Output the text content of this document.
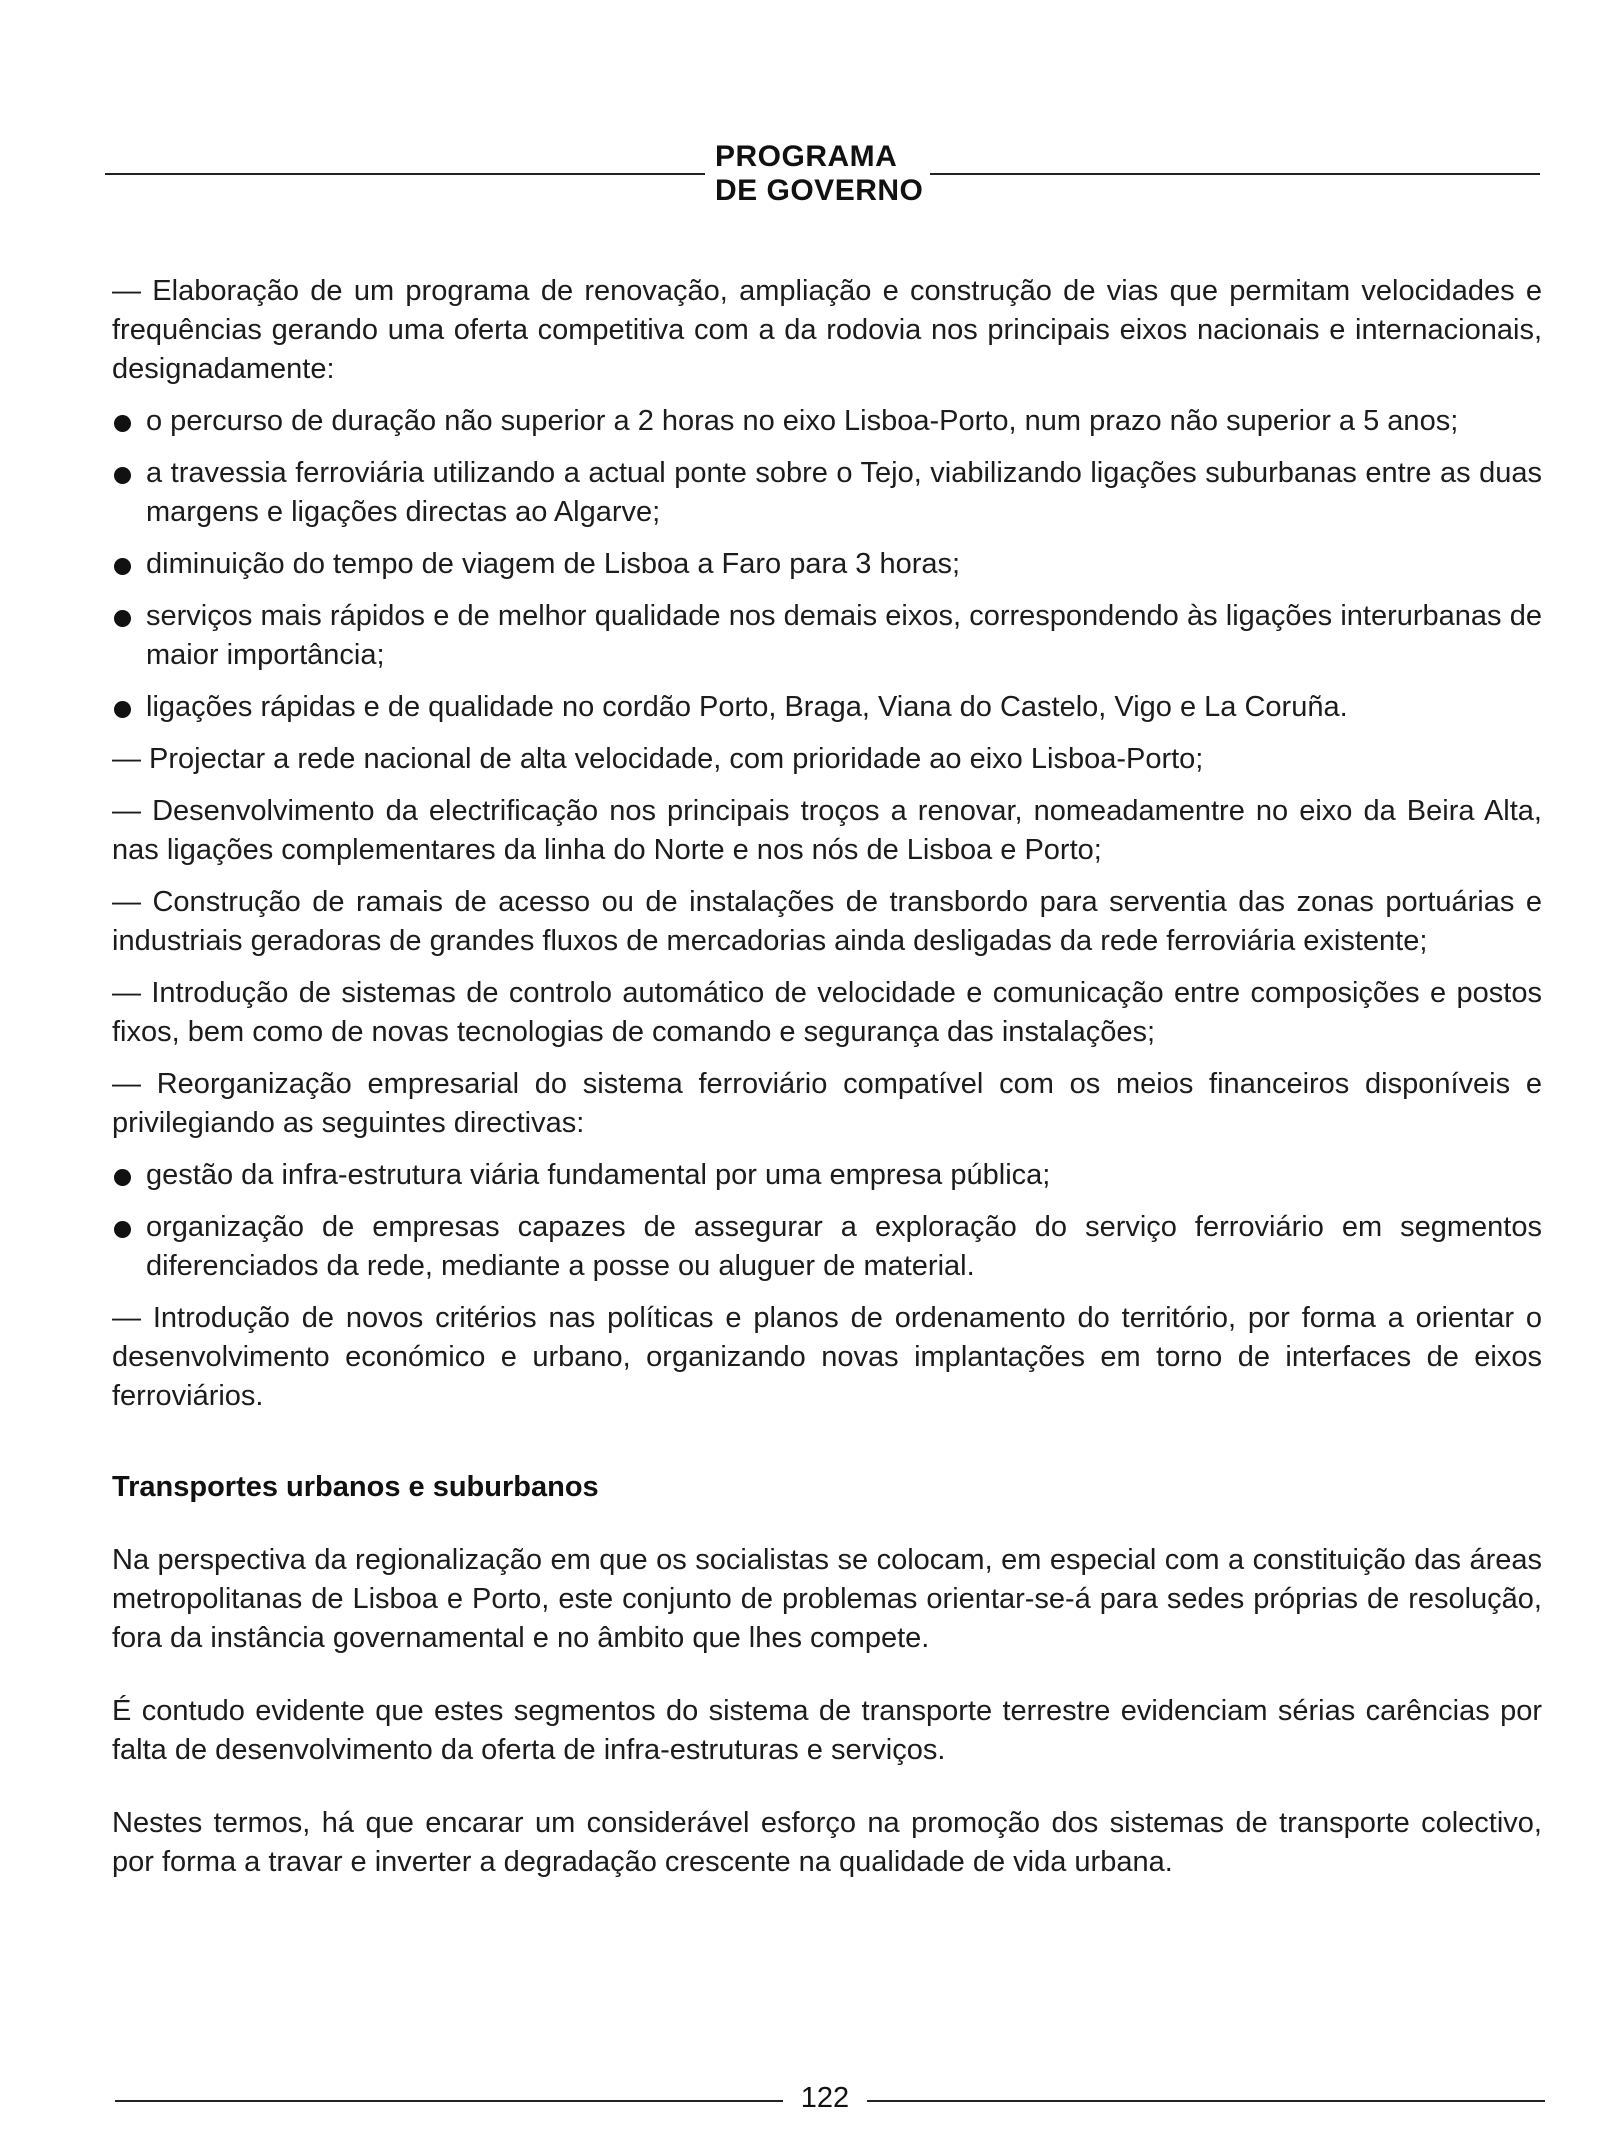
PROGRAMA
DE GOVERNO

— Elaboração de um programa de renovação, ampliação e construção de vias que permitam velocidades e frequências gerando uma oferta competitiva com a da rodovia nos principais eixos nacionais e internacionais, designadamente:

o percurso de duração não superior a 2 horas no eixo Lisboa-Porto, num prazo não superior a 5 anos;

a travessia ferroviária utilizando a actual ponte sobre o Tejo, viabilizando ligações suburbanas entre as duas margens e ligações directas ao Algarve;

diminuição do tempo de viagem de Lisboa a Faro para 3 horas;

serviços mais rápidos e de melhor qualidade nos demais eixos, correspondendo às ligações interurbanas de maior importância;

ligações rápidas e de qualidade no cordão Porto, Braga, Viana do Castelo, Vigo e La Coruña.

— Projectar a rede nacional de alta velocidade, com prioridade ao eixo Lisboa-Porto;

— Desenvolvimento da electrificação nos principais troços a renovar, nomeadamentre no eixo da Beira Alta, nas ligações complementares da linha do Norte e nos nós de Lisboa e Porto;

— Construção de ramais de acesso ou de instalações de transbordo para serventia das zonas portuárias e industriais geradoras de grandes fluxos de mercadorias ainda desligadas da rede ferroviária existente;

— Introdução de sistemas de controlo automático de velocidade e comunicação entre composições e postos fixos, bem como de novas tecnologias de comando e segurança das instalações;

— Reorganização empresarial do sistema ferroviário compatível com os meios financeiros disponíveis e privilegiando as seguintes directivas:

gestão da infra-estrutura viária fundamental por uma empresa pública;

organização de empresas capazes de assegurar a exploração do serviço ferroviário em segmentos diferenciados da rede, mediante a posse ou aluguer de material.

— Introdução de novos critérios nas políticas e planos de ordenamento do território, por forma a orientar o desenvolvimento económico e urbano, organizando novas implantações em torno de interfaces de eixos ferroviários.

Transportes urbanos e suburbanos

Na perspectiva da regionalização em que os socialistas se colocam, em especial com a constituição das áreas metropolitanas de Lisboa e Porto, este conjunto de problemas orientar-se-á para sedes próprias de resolução, fora da instância governamental e no âmbito que lhes compete.

É contudo evidente que estes segmentos do sistema de transporte terrestre evidenciam sérias carências por falta de desenvolvimento da oferta de infra-estruturas e serviços.

Nestes termos, há que encarar um considerável esforço na promoção dos sistemas de transporte colectivo, por forma a travar e inverter a degradação crescente na qualidade de vida urbana.

122
